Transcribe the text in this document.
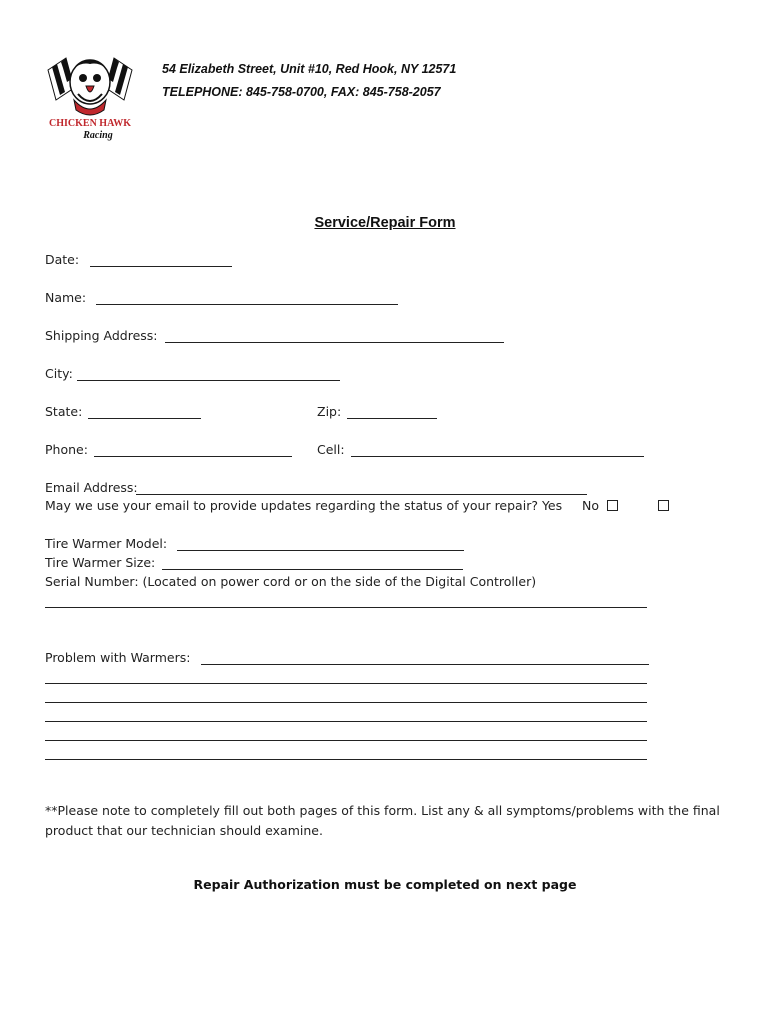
CHICKEN HAWK
Racing
54 Elizabeth Street, Unit #10, Red Hook, NY 12571
TELEPHONE: 845-758-0700, FAX: 845-758-2057
Service/Repair Form
Date:
Name:
Shipping Address:
City:
State:	Zip:
Phone:	Cell:
Email Address:
May we use your email to provide updates regarding the status of your repair? Yes No
Tire Warmer Model:
Tire Warmer Size:
Serial Number: (Located on power cord or on the side of the Digital Controller)
Problem with Warmers:
**Please note to completely fill out both pages of this form. List any & all symptoms/problems with the final product that our technician should examine.
Repair Authorization must be completed on next page
